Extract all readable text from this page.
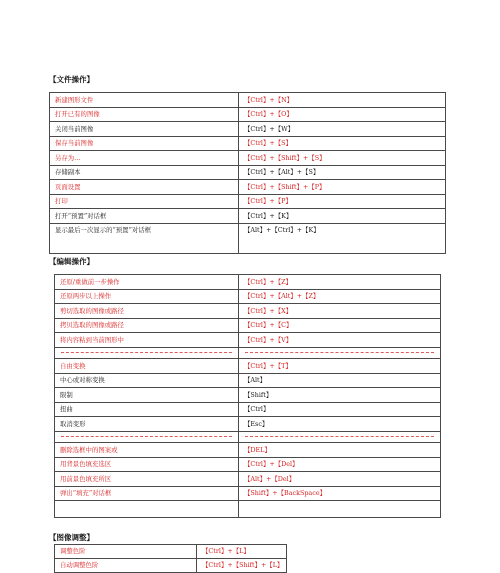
【文件操作】
新建图形文件	【Ctrl】+【N】
打开已有的图像	【Ctrl】+【O】
关闭当前图像	【Ctrl】+【W】
保存当前图像	【Ctrl】+【S】
另存为...	【Ctrl】+【Shift】+【S】
存储副本	【Ctrl】+【Alt】+【S】
页面设置	【Ctrl】+【Shift】+【P】
打印	【Ctrl】+【P】
打开“预置”对话框	【Ctrl】+【K】
显示最后一次显示的“预置”对话框	【Alt】+【Ctrl】+【K】
【编辑操作】
还原/重做前一步操作	【Ctrl】+【Z】
还原两步以上操作	【Ctrl】+【Alt】+【Z】
剪切选取的图像或路径	【Ctrl】+【X】
拷贝选取的图像或路径	【Ctrl】+【C】
将内容粘到当前图形中	【Ctrl】+【V】

自由变换	【Ctrl】+【T】
中心或对称变换	【Alt】
限制	【Shift】
扭曲	【Ctrl】
取消变形	【Esc】

删除选框中的图案或	【DEL】
用背景色填充选区	【Ctrl】+【Del】
用前景色填充所区	【Alt】+【Del】
弹出“填充”对话框	【Shift】+【BackSpace】

【图像调整】
调整色阶	【Ctrl】+【L】
自动调整色阶	【Ctrl】+【Shift】+【L】
